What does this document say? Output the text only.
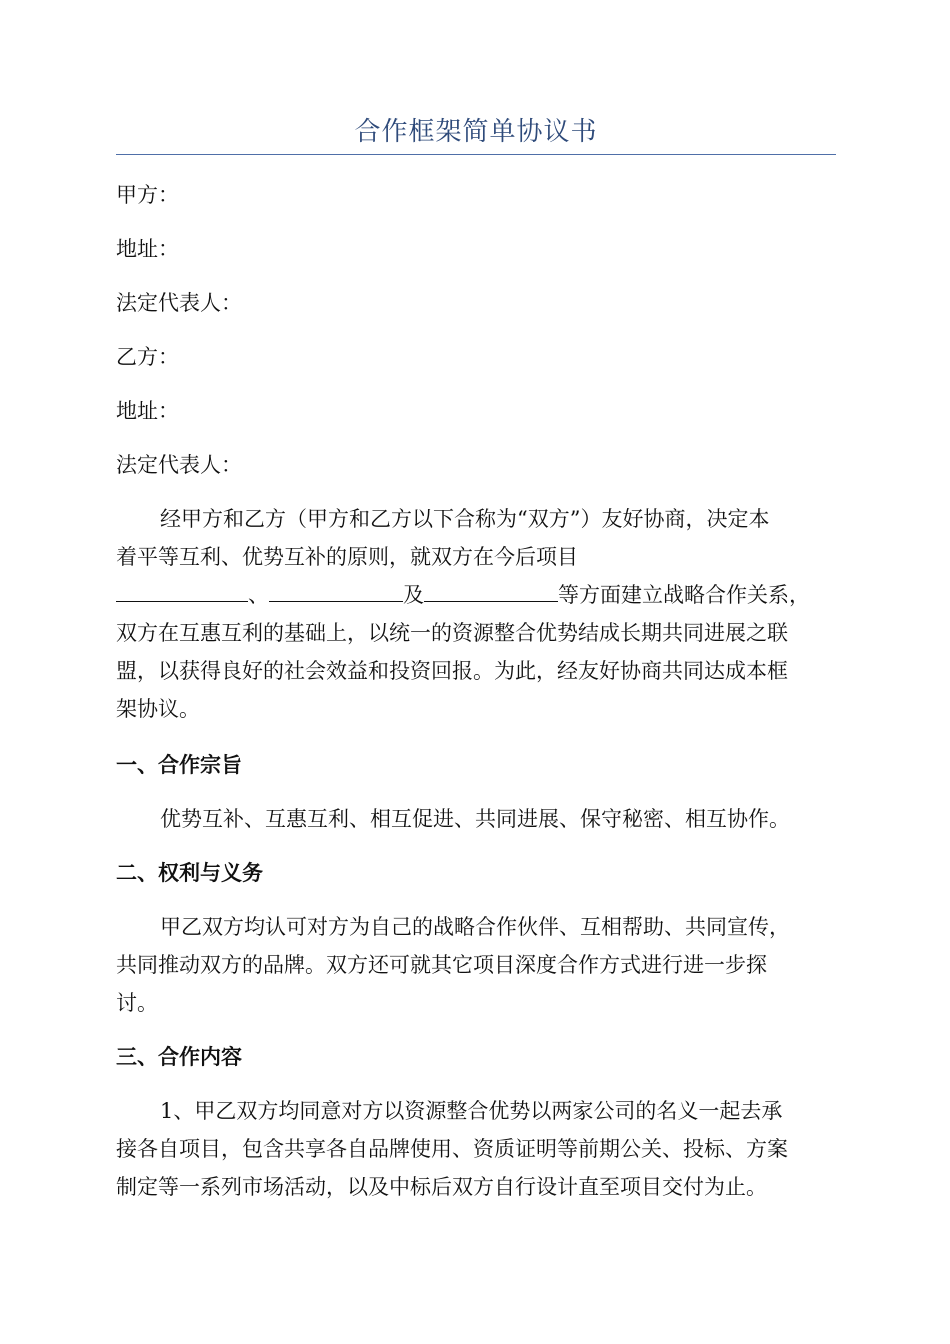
合作框架简单协议书
甲方：
地址：
法定代表人：
乙方：
地址：
法定代表人：
经甲方和乙方（甲方和乙方以下合称为“双方”）友好协商，决定本
着平等互利、优势互补的原则，就双方在今后项目
、	及	等方面建立战略合作关系，
双方在互惠互利的基础上，以统一的资源整合优势结成长期共同进展之联
盟，以获得良好的社会效益和投资回报。为此，经友好协商共同达成本框
架协议。
一、合作宗旨
优势互补、互惠互利、相互促进、共同进展、保守秘密、相互协作。
二、权利与义务
甲乙双方均认可对方为自己的战略合作伙伴、互相帮助、共同宣传，
共同推动双方的品牌。双方还可就其它项目深度合作方式进行进一步探
讨。
三、合作内容
1、甲乙双方均同意对方以资源整合优势以两家公司的名义一起去承
接各自项目，包含共享各自品牌使用、资质证明等前期公关、投标、方案
制定等一系列市场活动，以及中标后双方自行设计直至项目交付为止。
